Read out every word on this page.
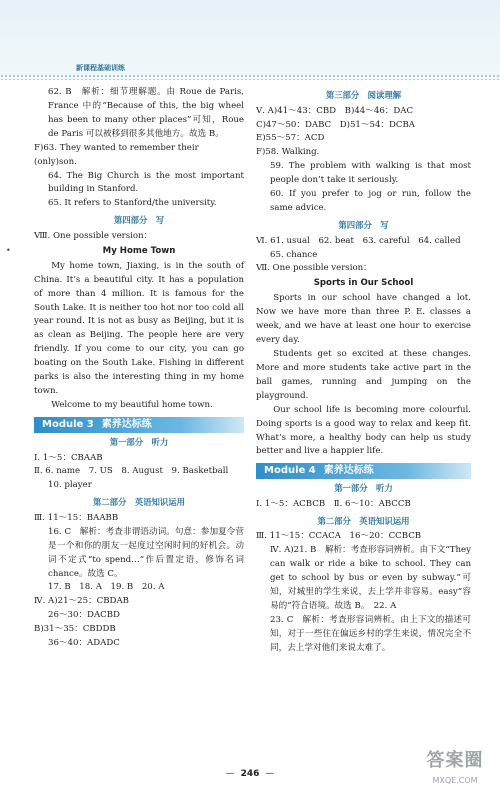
新课程基础训练
•

62. B　解析：细节理解题。由 Roue de Paris, France 中的“Because of this, the big wheel has been to many other places”可知，Roue de Paris 可以被移到很多其他地方。故选 B。

F)63. They wanted to remember their (only)son.

64. The Big Church is the most important building in Stanford.

65. It refers to Stanford/the university.

第四部分　写

Ⅷ. One possible version：

My Home Town

My home town, Jiaxing, is in the south of China. It’s a beautiful city. It has a population of more than 4 million. It is famous for the South Lake. It is neither too hot nor too cold all year round. It is not as busy as Beijing, but it is as clean as Beijing. The people here are very friendly. If you come to our city, you can go boating on the South Lake. Fishing in different parks is also the interesting thing in my home town.

Welcome to my beautiful home town.

Module 3 素养达标练

第一部分　听力

Ⅰ. 1～5：CBAAB

Ⅱ. 6. name　7. US　8. August　9. Basketball

10. player

第二部分　英语知识运用

Ⅲ. 11～15：BAABB

16. C　解析：考查非谓语动词。句意：参加夏令营是一个和你的朋友一起度过空闲时间的好机会。动词不定式“to spend…”作后置定语，修饰名词 chance。故选 C。

17. B　18. A　19. B　20. A

Ⅳ. A)21～25：CBDAB

26～30：DACBD

B)31～35：CBDDB

36～40：ADADC

第三部分　阅读理解

Ⅴ. A)41～43：CBD　B)44～46：DAC

C)47～50：DABC　D)51～54：DCBA

E)55～57：ACD

F)58. Walking.

59. The problem with walking is that most people don’t take it seriously.

60. If you prefer to jog or run, follow the same advice.

第四部分　写

Ⅵ. 61. usual　62. beat　63. careful　64. called

65. chance

Ⅶ. One possible version：

Sports in Our School

Sports in our school have changed a lot. Now we have more than three P. E. classes a week, and we have at least one hour to exercise every day.

Students get so excited at these changes. More and more students take active part in the ball games, running and jumping on the playground.

Our school life is becoming more colourful. Doing sports is a good way to relax and keep fit. What’s more, a healthy body can help us study better and live a happier life.

Module 4 素养达标练

第一部分　听力

Ⅰ. 1～5：ACBCB　Ⅱ. 6～10：ABCCB

第二部分　英语知识运用

Ⅲ. 11～15：CCACA　16～20：CCBCB

Ⅳ. A)21. B　解析：考查形容词辨析。由下文“They can walk or ride a bike to school. They can get to school by bus or even by subway.”可知，对城里的学生来说，去上学并非容易。easy“容易的”符合语境。故选 B。　22. A

23. C　解析：考查形容词辨析。由上下文的描述可知，对于一些住在偏远乡村的学生来说，情况完全不同，去上学对他们来说太难了。

— 246 —
答案圈
MXQE.COM
